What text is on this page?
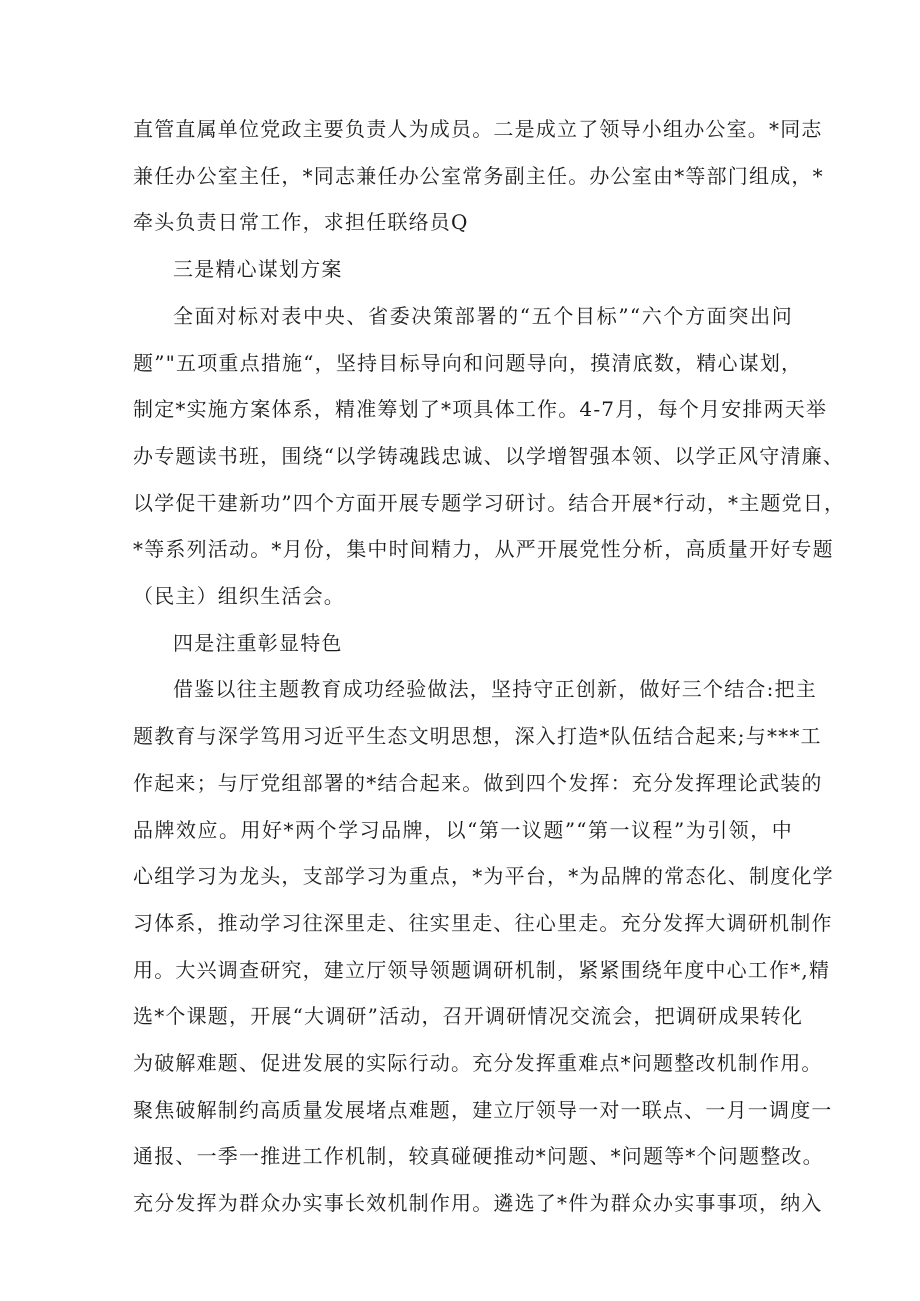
直管直属单位党政主要负责人为成员。二是成立了领导小组办公室。*同志
兼任办公室主任，*同志兼任办公室常务副主任。办公室由*等部门组成，*
牵头负责日常工作，求担任联络员Q

三是精心谋划方案

全面对标对表中央、省委决策部署的“五个目标”“六个方面突出问
题”"五项重点措施“，坚持目标导向和问题导向，摸清底数，精心谋划，
制定*实施方案体系，精准筹划了*项具体工作。4-7月，每个月安排两天举
办专题读书班，围绕“以学铸魂践忠诚、以学增智强本领、以学正风守清廉、
以学促干建新功”四个方面开展专题学习研讨。结合开展*行动，*主题党日，
*等系列活动。*月份，集中时间精力，从严开展党性分析，高质量开好专题
（民主）组织生活会。

四是注重彰显特色

借鉴以往主题教育成功经验做法，坚持守正创新，做好三个结合:把主
题教育与深学笃用习近平生态文明思想，深入打造*队伍结合起来;与***工
作起来；与厅党组部署的*结合起来。做到四个发挥：充分发挥理论武装的
品牌效应。用好*两个学习品牌，以“第一议题”“第一议程”为引领，中
心组学习为龙头，支部学习为重点，*为平台，*为品牌的常态化、制度化学
习体系，推动学习往深里走、往实里走、往心里走。充分发挥大调研机制作
用。大兴调查研究，建立厅领导领题调研机制，紧紧围绕年度中心工作*,精
选*个课题，开展“大调研”活动，召开调研情况交流会，把调研成果转化
为破解难题、促进发展的实际行动。充分发挥重难点*问题整改机制作用。
聚焦破解制约高质量发展堵点难题，建立厅领导一对一联点、一月一调度一
通报、一季一推进工作机制，较真碰硬推动*问题、*问题等*个问题整改。
充分发挥为群众办实事长效机制作用。遴选了*件为群众办实事事项，纳入
